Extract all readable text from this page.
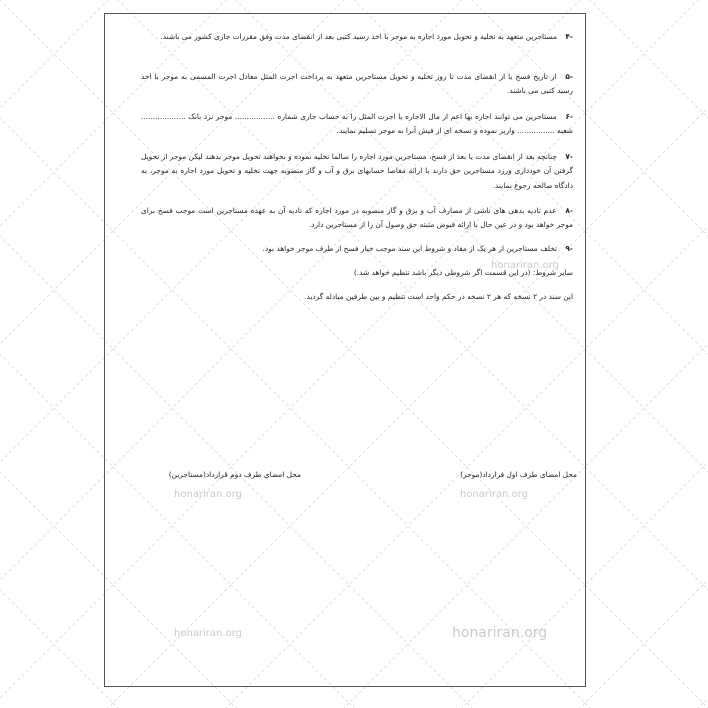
-۴ مستاجرین متعهد به تخلیه و تحویل مورد اجاره به موجر با اخذ رسید کتبی بعد از انقضای مدت وفق مقررات جاری کشور می باشند.
-۵ از تاریخ فسخ یا از انقضای مدت تا روز تخلیه و تحویل مستاجرین متعهد به پرداخت اجرت المثل معادل اجرت المسمی به موجر با اخذ رسید کتبی می باشند.
-۶ مستاجرین می توانند اجاره بها اعم از مال الاجاره یا اجرت المثل را به حساب جاری شماره ................. موجر نزد بانک ................... شعبه ................ واریز نموده و نسخه ای از فیش آنرا به موجر تسلیم نمایند.
-۷ چنانچه بعد از انقضای مدت یا بعد از فسخ، مستاجرین مورد اجاره را سالما تخلیه نموده و بخواهند تحویل موجر بدهند لیکن موجر از تحویل گرفتن آن خودداری ورزد مستاجرین حق دارند با ارائه مفاصا حسابهای برق و آب و گاز منصوبه جهت تخلیه و تحویل مورد اجاره به موجر، به دادگاه صالحه رجوع نمایند.
-۸ عدم تادیه بدهی های ناشی از مصارف آب و برق و گاز منصوبه در مورد اجاره که تادیه آن به عهده مستاجرین است موجب فسخ برای موجر خواهد بود و در عین حال با ارائه قبوض مثبته حق وصول آن را از مستاجرین دارد.
-۹ تخلف مستاجرین از هر یک از مفاد و شروط این سند موجب خیار فسخ از طرف موجر خواهد بود.
سایر شروط: (در این قسمت اگر شروطی دیگر باشد تنظیم خواهد شد.)
این سند در ۲ نسخه که هر ۲ نسخه در حکم واحد است تنظیم و بین طرفین مبادله گردید.
محل امضای طرف اول قرارداد(موجر)
محل امضای طرف دوم قرارداد(مستاجرین)
honariran.org
honariran.org	honariran.org
honariran.org	honariran.org
